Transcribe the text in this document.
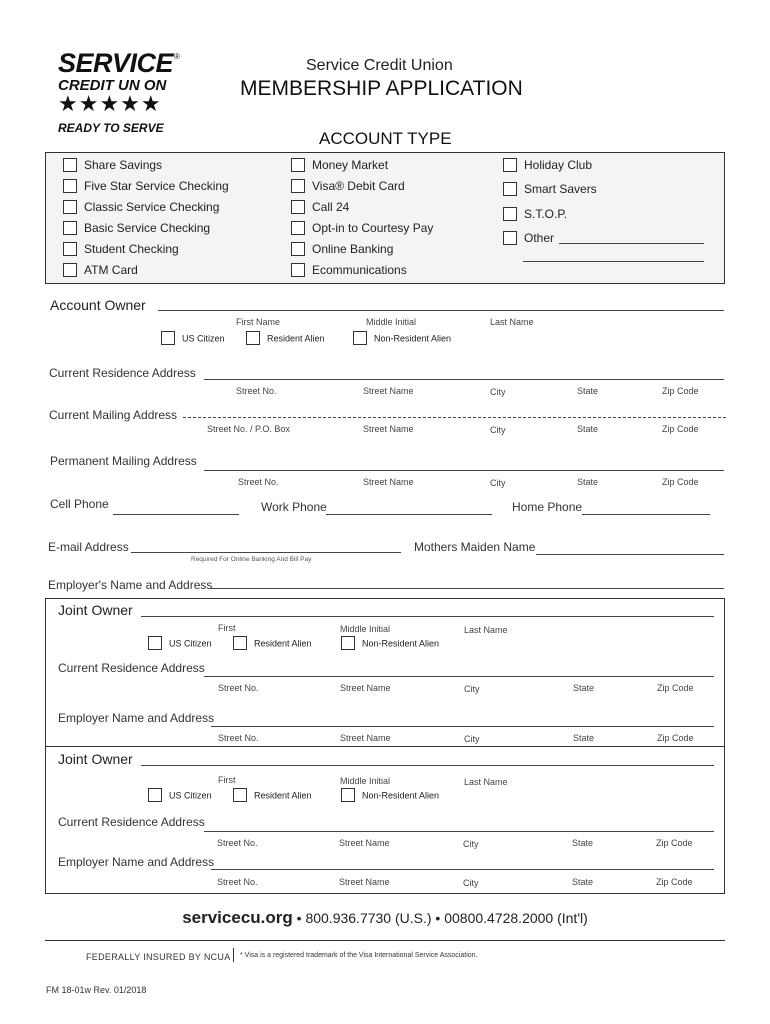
SERVICE ®
CREDIT UN ON
★★★★★
READY TO SERVE
Service Credit Union
MEMBERSHIP APPLICATION
ACCOUNT TYPE
Share Savings
Five Star Service Checking
Classic Service Checking
Basic Service Checking
Student Checking
ATM Card
Money Market
Visa® Debit Card
Call 24
Opt-in to Courtesy Pay
Online Banking
Ecommunications
Holiday Club
Smart Savers
S.T.O.P.
Other
Account Owner
First Name	Middle Initial	Last Name
US Citizen	Resident Alien	Non-Resident Alien
Current Residence Address
Street No.	Street Name	City	State	Zip Code
Current Mailing Address
Street No. / P.O. Box	Street Name	City	State	Zip Code
Permanent Mailing Address
Street No.	Street Name	City	State	Zip Code
Cell Phone	Work Phone	Home Phone
E-mail Address
Required For Online Banking And Bill Pay
Mothers Maiden Name
Employer's Name and Address
Joint Owner
First	Middle Initial	Last Name
US Citizen	Resident Alien	Non-Resident Alien
Current Residence Address
Street No.	Street Name	City	State	Zip Code
Employer Name and Address
Street No.	Street Name	City	State	Zip Code
Joint Owner
First	Middle Initial	Last Name
US Citizen	Resident Alien	Non-Resident Alien
Current Residence Address
Street No.	Street Name	City	State	Zip Code
Employer Name and Address
Street No.	Street Name	City	State	Zip Code
servicecu.org • 800.936.7730 (U.S.) • 00800.4728.2000 (Int'l)
FEDERALLY INSURED BY NCUA * Visa is a registered trademark of the Visa International Service Association.
FM 18-01w Rev. 01/2018
